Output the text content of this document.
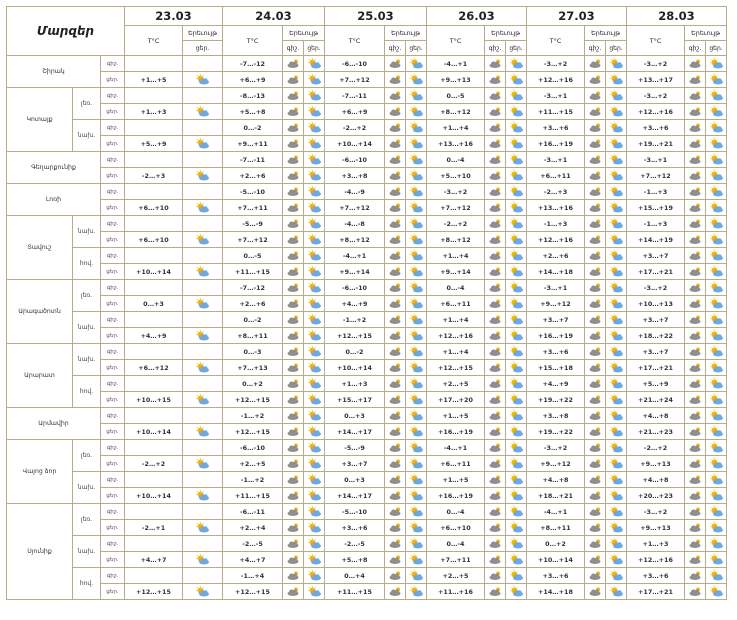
Մարզեր			23.03		24.03			25.03			26.03			27.03			28.03		
			T°C	Երեւույթ	T°C	Երեւույթ		T°C	Երեւույթ		T°C	Երեւույթ		T°C	Երեւույթ		T°C	Երեւույթ	
				ցեր.		գիշ.	ցեր.		գիշ.	ցեր.		գիշ.	ցեր.		գիշ.	ցեր.		գիշ.	ցեր.
Շիրակ		գիշ.			-7…-12			-6…-10			-4…+1			-3…+2			-3…+2		
		ցեր.	+1…+5		+6…+9			+7…+12			+9…+13			+12…+16			+13…+17		
Կոտայք	լեռ.	գիշ.			-8…-13			-7…-11			0…-5			-3…+1			-3…+2		
		ցեր.	+1…+3		+5…+8			+6…+9			+8…+12			+11…+15			+12…+16		
	նախ.	գիշ.			0…-2			-2…+2			+1…+4			+3…+6			+3…+6		
		ցեր.	+5…+9		+9…+11			+10…+14			+13…+16			+16…+19			+19…+21		
Գեղարքունիք		գիշ.			-7…-11			-6…-10			0…-4			-3…+1			-3…+1		
		ցեր.	-2…+3		+2…+6			+3…+8			+5…+10			+6…+11			+7…+12		
Լոռի		գիշ.			-5…-10			-4…-9			-3…+2			-2…+3			-1…+3		
		ցեր.	+6…+10		+7…+11			+7…+12			+7…+12			+13…+16			+15…+19		
Տավուշ	նախ.	գիշ.			-5…-9			-4…-8			-2…+2			-1…+3			-1…+3		
		ցեր.	+6…+10		+7…+12			+8…+12			+8…+12			+12…+16			+14…+19		
	հով.	գիշ.			0…-5			-4…+1			+1…+4			+2…+6			+3…+7		
		ցեր.	+10…+14		+11…+15			+9…+14			+9…+14			+14…+18			+17…+21		
Արագածոտն	լեռ.	գիշ.			-7…-12			-6…-10			0…-4			-3…+1			-3…+2		
		ցեր.	0…+3		+2…+6			+4…+9			+6…+11			+9…+12			+10…+13		
	նախ.	գիշ.			0…-2			-1…+2			+1…+4			+3…+7			+3…+7		
		ցեր.	+4…+9		+8…+11			+12…+15			+12…+16			+16…+19			+18…+22		
Արարատ	նախ.	գիշ.			0…-3			0…-2			+1…+4			+3…+6			+3…+7		
		ցեր.	+6…+12		+7…+13			+10…+14			+12…+15			+15…+18			+17…+21		
	հով.	գիշ.			0…+2			+1…+3			+2…+5			+4…+9			+5…+9		
		ցեր.	+10…+15		+12…+15			+15…+17			+17…+20			+19…+22			+21…+24		
Արմավիր		գիշ.			-1…+2			0…+3			+1…+5			+3…+8			+4…+8		
		ցեր.	+10…+14		+12…+15			+14…+17			+16…+19			+19…+22			+21…+23		
Վայոց ձոր	լեռ.	գիշ.			-6…-10			-5…-9			-4…+1			-3…+2			-2…+2		
		ցեր.	-2…+2		+2…+5			+3…+7			+6…+11			+9…+12			+9…+13		
	նախ.	գիշ.			-1…+2			0…+3			+1…+5			+4…+8			+4…+8		
		ցեր.	+10…+14		+11…+15			+14…+17			+16…+19			+18…+21			+20…+23		
Սյունիք	լեռ.	գիշ.			-6…-11			-5…-10			0…-4			-4…+1			-3…+2		
		ցեր.	-2…+1		+2…+4			+3…+6			+6…+10			+8…+11			+9…+13		
	նախ.	գիշ.			-2…-5			-2…-5			0…-4			0…+2			+1…+3		
		ցեր.	+4…+7		+4…+7			+5…+8			+7…+11			+10…+14			+12…+16		
	հով.	գիշ.			-1…+4			0…+4			+2…+5			+3…+6			+3…+6		
		ցեր.	+12…+15		+12…+15			+11…+15			+11…+16			+14…+18			+17…+21		
